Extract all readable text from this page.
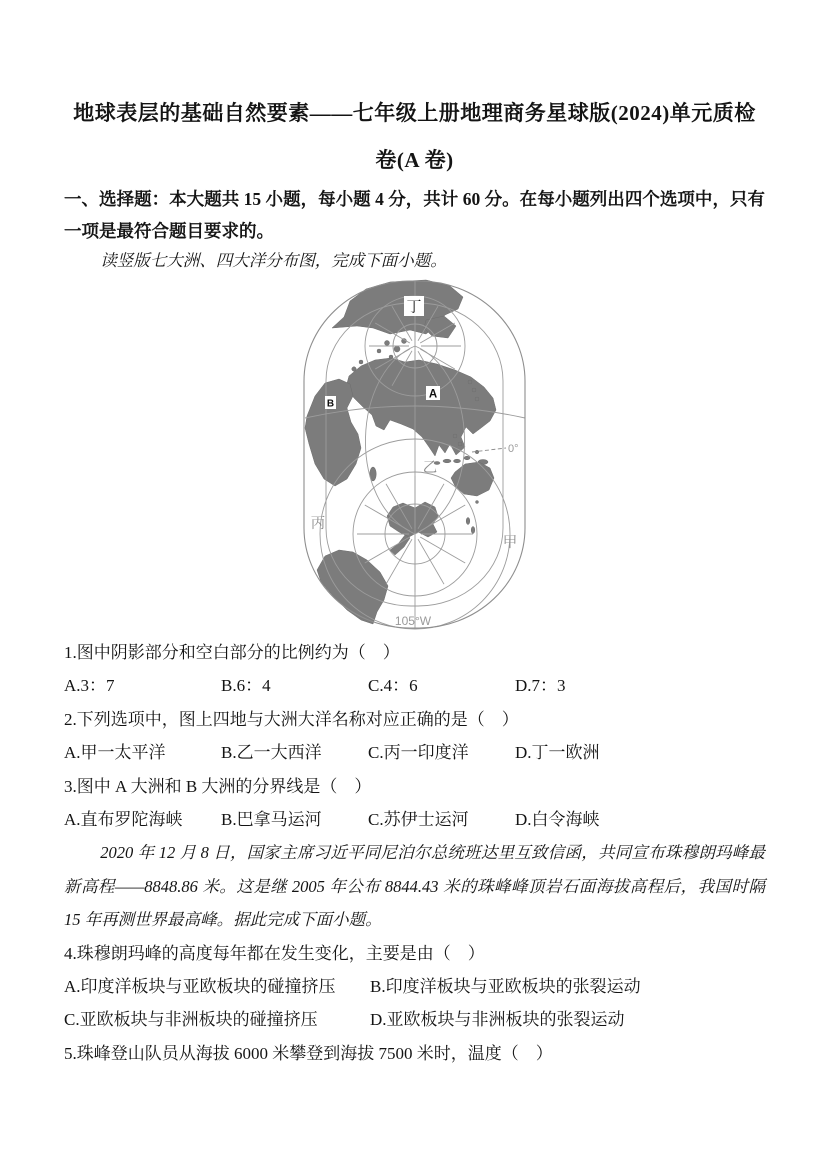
地球表层的基础自然要素——七年级上册地理商务星球版(2024)单元质检卷(A 卷)

一、选择题：本大题共 15 小题，每小题 4 分，共计 60 分。在每小题列出四个选项中，只有一项是最符合题目要求的。

读竖版七大洲、四大洋分布图，完成下面小题。

丁
A
B
乙
丙
甲
0°
105°W
1.图中阴影部分和空白部分的比例约为（　）
A.3：7	B.6：4	C.4：6	D.7：3
2.下列选项中，图上四地与大洲大洋名称对应正确的是（　）
A.甲一太平洋	B.乙一大西洋	C.丙一印度洋	D.丁一欧洲
3.图中 A 大洲和 B 大洲的分界线是（　）
A.直布罗陀海峡	B.巴拿马运河	C.苏伊士运河	D.白令海峡

2020 年 12 月 8 日，国家主席习近平同尼泊尔总统班达里互致信函，共同宣布珠穆朗玛峰最新高程——8848.86 米。这是继 2005 年公布 8844.43 米的珠峰峰顶岩石面海拔高程后，我国时隔 15 年再测世界最高峰。据此完成下面小题。

4.珠穆朗玛峰的高度每年都在发生变化，主要是由（　）
A.印度洋板块与亚欧板块的碰撞挤压	B.印度洋板块与亚欧板块的张裂运动
C.亚欧板块与非洲板块的碰撞挤压	D.亚欧板块与非洲板块的张裂运动
5.珠峰登山队员从海拔 6000 米攀登到海拔 7500 米时，温度（　）
